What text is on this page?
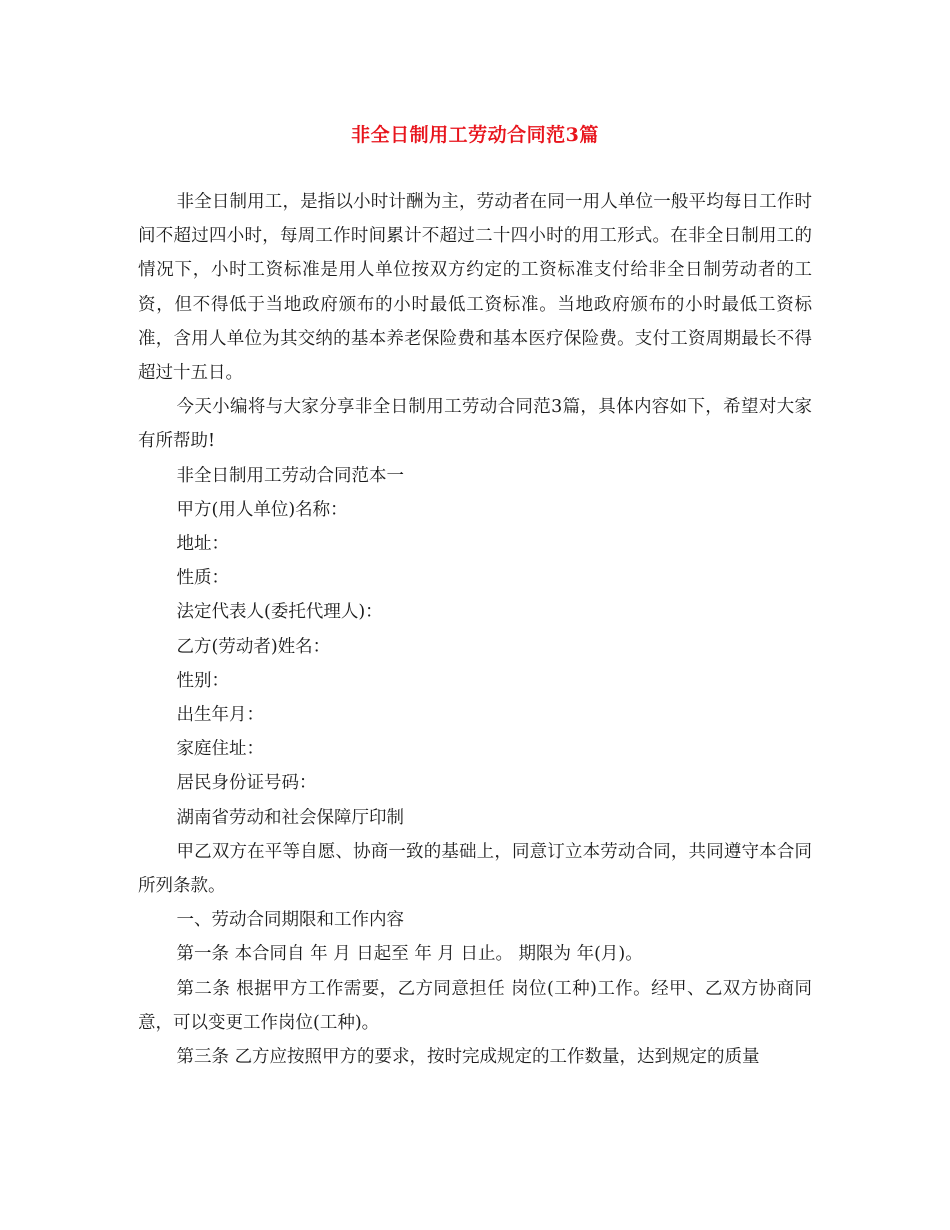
非全日制用工劳动合同范3篇

非全日制用工，是指以小时计酬为主，劳动者在同一用人单位一般平均每日工作时间不超过四小时，每周工作时间累计不超过二十四小时的用工形式。在非全日制用工的情况下，小时工资标准是用人单位按双方约定的工资标准支付给非全日制劳动者的工资，但不得低于当地政府颁布的小时最低工资标准。当地政府颁布的小时最低工资标准，含用人单位为其交纳的基本养老保险费和基本医疗保险费。支付工资周期最长不得超过十五日。

今天小编将与大家分享非全日制用工劳动合同范3篇，具体内容如下，希望对大家有所帮助!

非全日制用工劳动合同范本一

甲方(用人单位)名称：

地址：

性质：

法定代表人(委托代理人)：

乙方(劳动者)姓名：

性别：

出生年月：

家庭住址：

居民身份证号码：

湖南省劳动和社会保障厅印制

甲乙双方在平等自愿、协商一致的基础上，同意订立本劳动合同，共同遵守本合同所列条款。

一、劳动合同期限和工作内容

第一条 本合同自 年 月 日起至 年 月 日止。 期限为 年(月)。

第二条 根据甲方工作需要，乙方同意担任 岗位(工种)工作。经甲、乙双方协商同意，可以变更工作岗位(工种)。

第三条 乙方应按照甲方的要求，按时完成规定的工作数量，达到规定的质量
